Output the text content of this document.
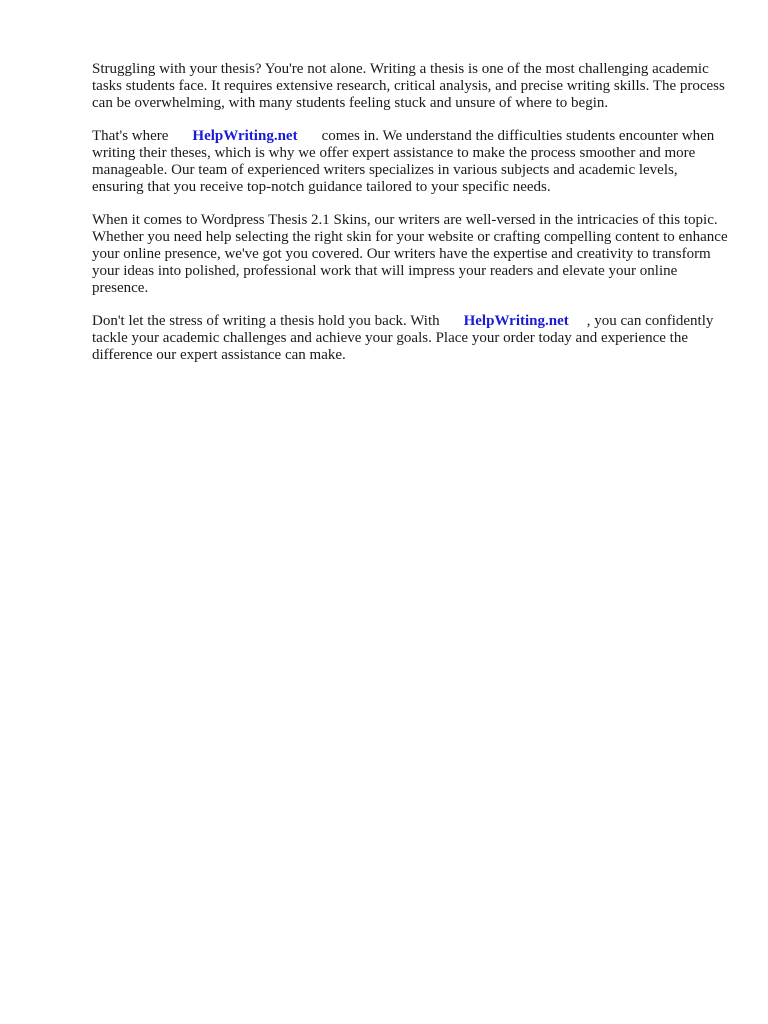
Struggling with your thesis? You're not alone. Writing a thesis is one of the most challenging academic tasks students face. It requires extensive research, critical analysis, and precise writing skills. The process can be overwhelming, with many students feeling stuck and unsure of where to begin.

That's where HelpWriting.net comes in. We understand the difficulties students encounter when writing their theses, which is why we offer expert assistance to make the process smoother and more manageable. Our team of experienced writers specializes in various subjects and academic levels, ensuring that you receive top-notch guidance tailored to your specific needs.

When it comes to Wordpress Thesis 2.1 Skins, our writers are well-versed in the intricacies of this topic. Whether you need help selecting the right skin for your website or crafting compelling content to enhance your online presence, we've got you covered. Our writers have the expertise and creativity to transform your ideas into polished, professional work that will impress your readers and elevate your online presence.

Don't let the stress of writing a thesis hold you back. With HelpWriting.net , you can confidently tackle your academic challenges and achieve your goals. Place your order today and experience the difference our expert assistance can make.
